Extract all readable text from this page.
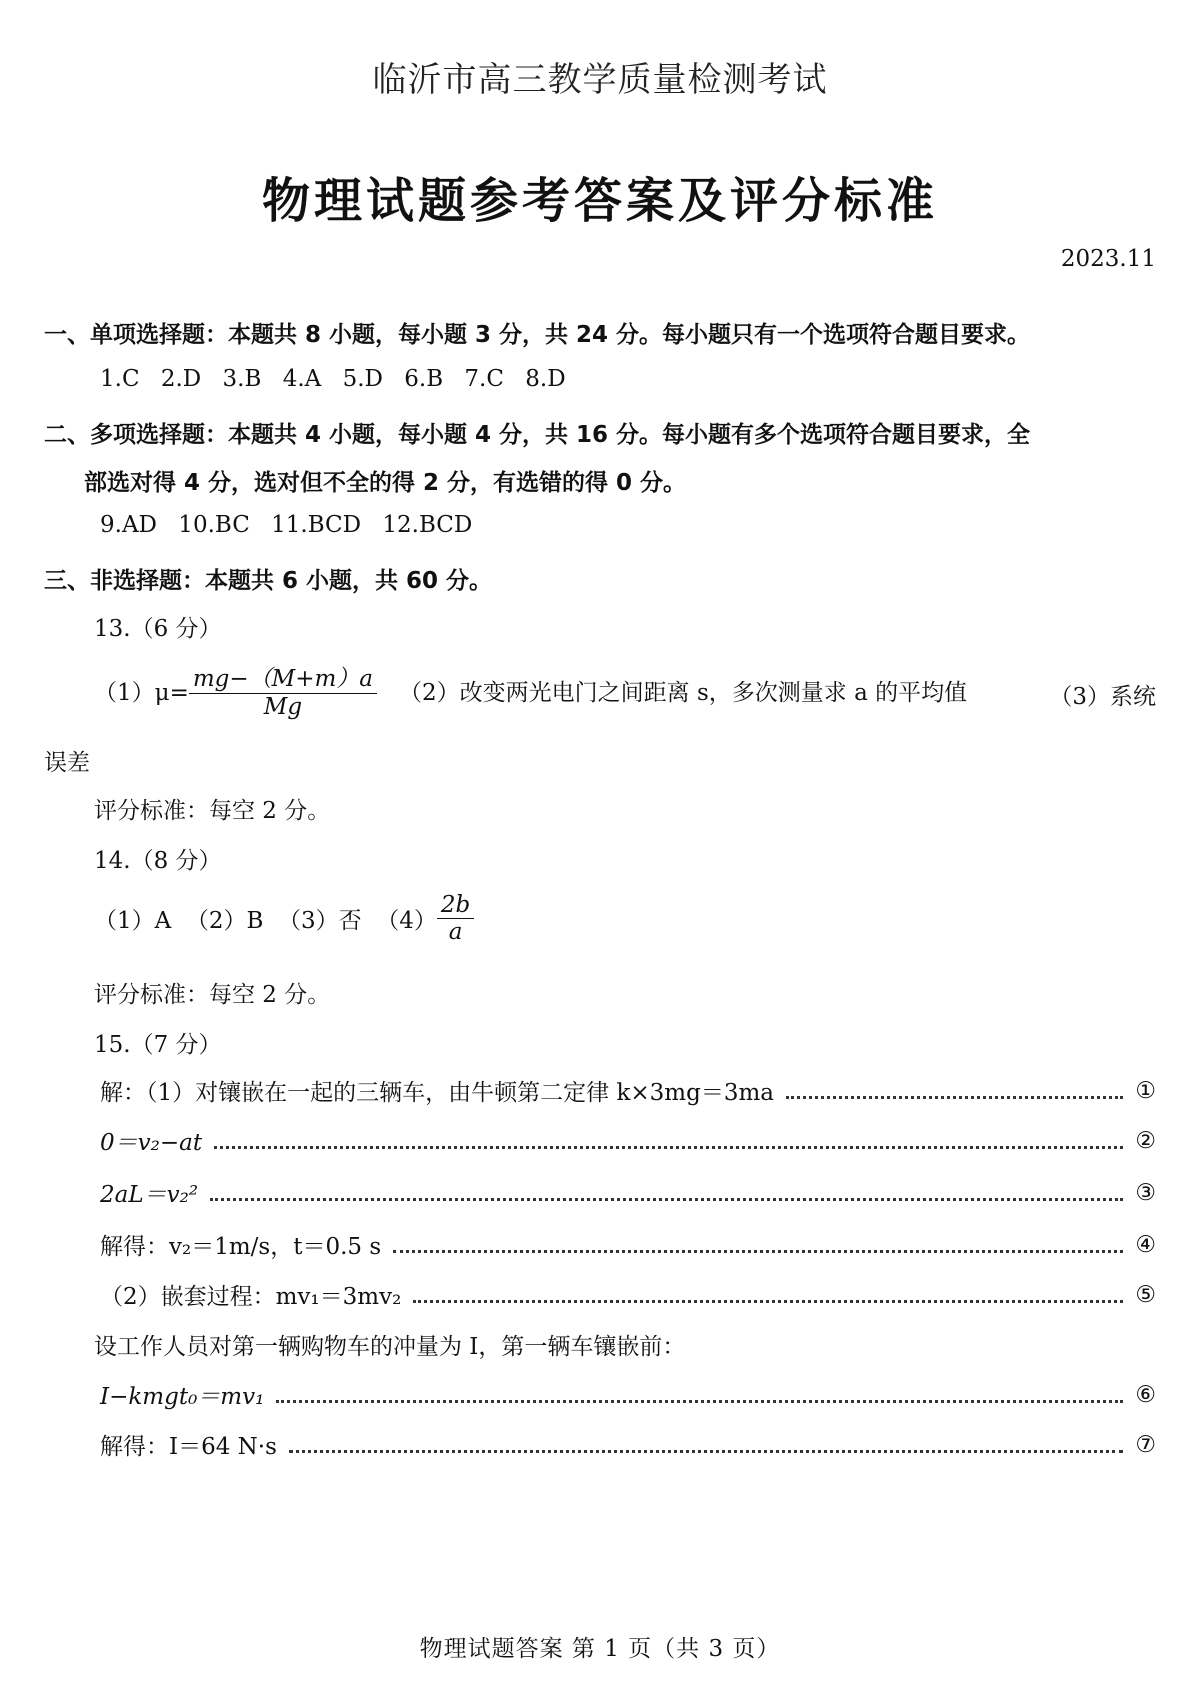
临沂市高三教学质量检测考试
物理试题参考答案及评分标准
2023.11
一、单项选择题：本题共 8 小题，每小题 3 分，共 24 分。每小题只有一个选项符合题目要求。
1.C 2.D 3.B 4.A 5.D 6.B 7.C 8.D
二、多项选择题：本题共 4 小题，每小题 4 分，共 16 分。每小题有多个选项符合题目要求，全
部选对得 4 分，选对但不全的得 2 分，有选错的得 0 分。
9.AD 10.BC 11.BCD 12.BCD
三、非选择题：本题共 6 小题，共 60 分。
13.（6 分）
$(1)\mu= \frac{mg-(M+m)a}{Mg} (2)$改变两光电门之间距离 s，多次测量求 a 的平均值	（3）系统
误差
评分标准：每空 2 分。
14.（8 分）
（1）A  （2）B  （3）否  $(4) \frac{2b}{a}$
评分标准：每空 2 分。
15.（7 分）
解：（1）对镶嵌在一起的三辆车，由牛顿第二定律 k×3mg＝3ma	①
0＝v₂−at	②
2aL＝v₂²	③
解得：v₂＝1m/s，t＝0.5 s	④
（2）嵌套过程：mv₁＝3mv₂	⑤
设工作人员对第一辆购物车的冲量为 I，第一辆车镶嵌前：
I−kmgt₀＝mv₁	⑥
解得：I＝64 N·s	⑦
物理试题答案 第 1 页（共 3 页）
